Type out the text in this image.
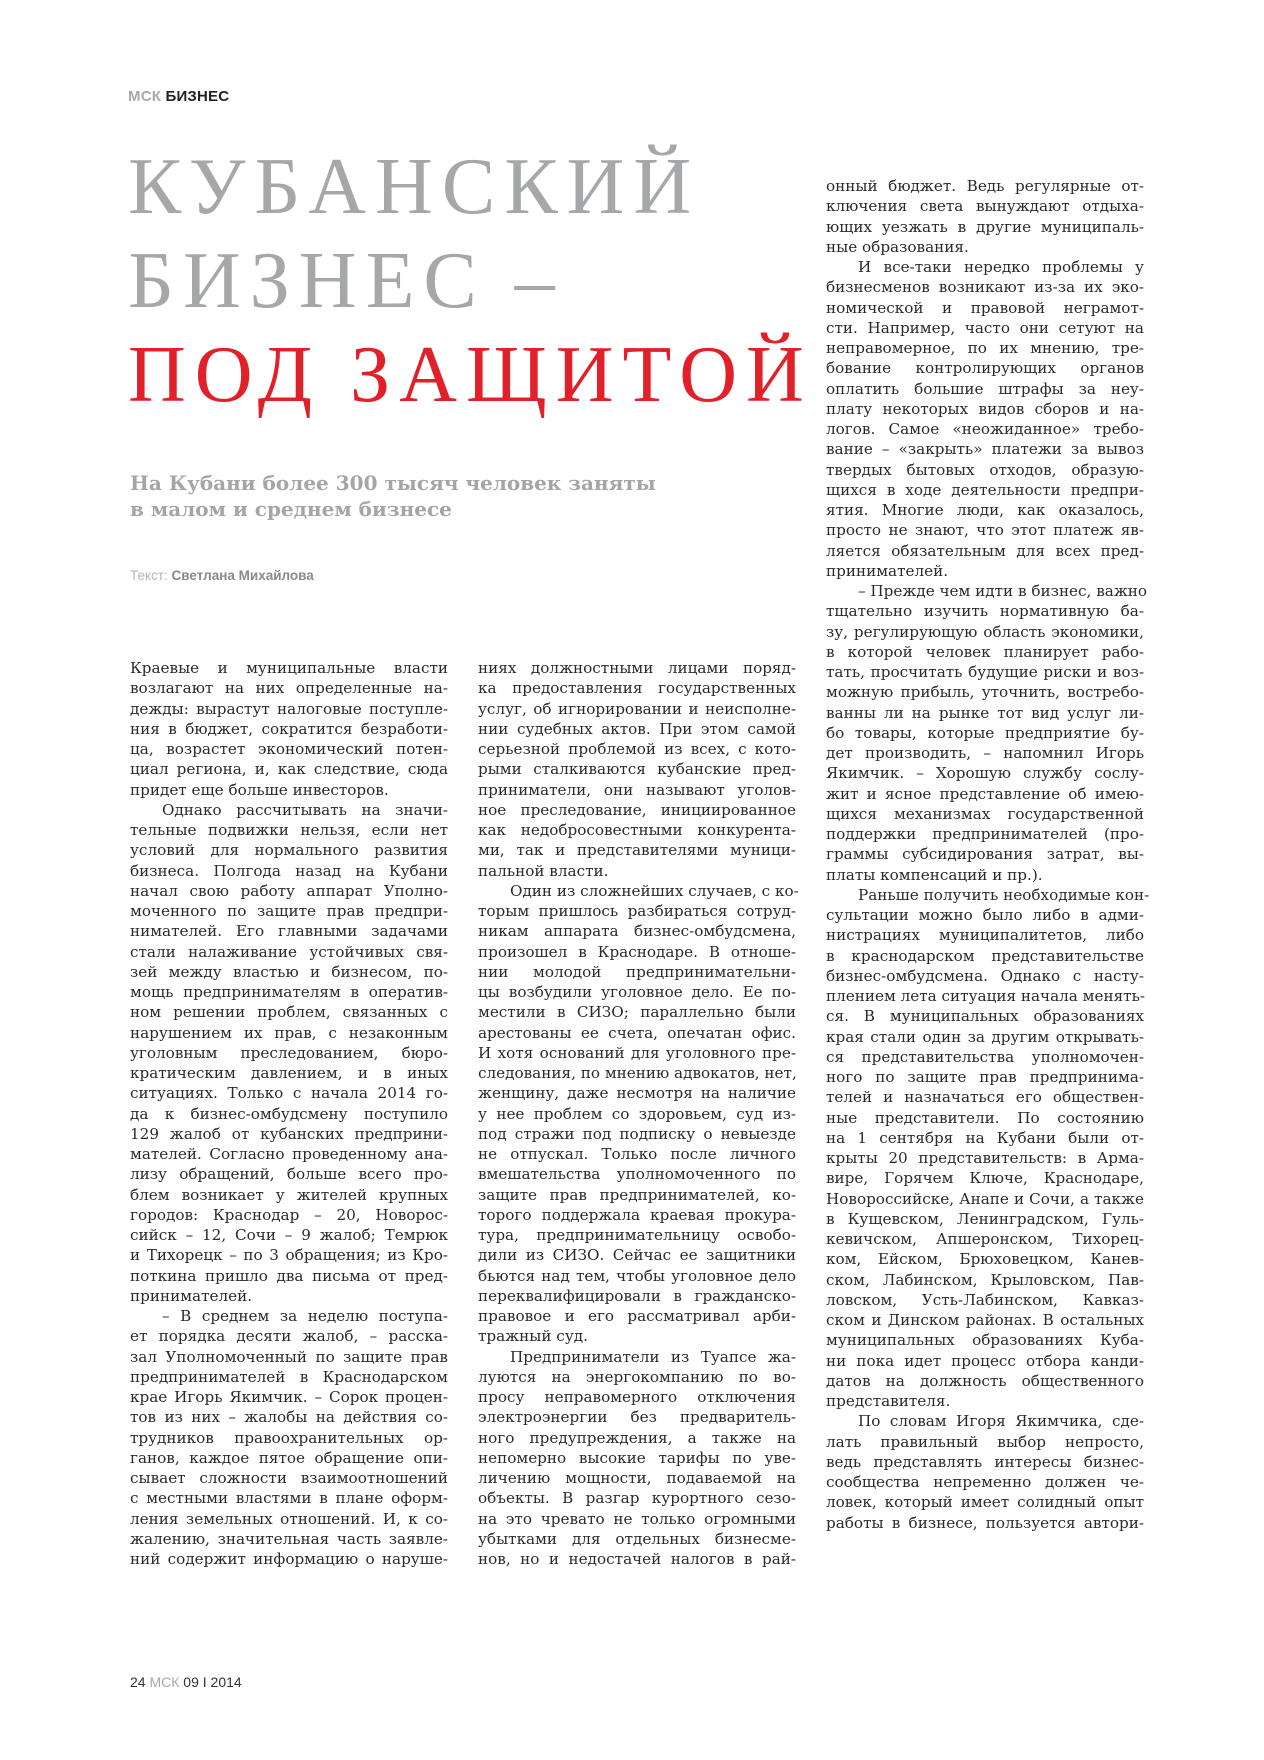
МСК БИЗНЕС
КУБАНСКИЙ
БИЗНЕС –
ПОД ЗАЩИТОЙ
На Кубани более 300 тысяч человек заняты
в малом и среднем бизнесе
Текст: Светлана Михайлова
Краевые и муниципальные власти
возлагают на них определенные на-
дежды: вырастут налоговые поступле-
ния в бюджет, сократится безработи-
ца, возрастет экономический потен-
циал региона, и, как следствие, сюда
придет еще больше инвесторов.
Однако рассчитывать на значи-
тельные подвижки нельзя, если нет
условий для нормального развития
бизнеса. Полгода назад на Кубани
начал свою работу аппарат Уполно-
моченного по защите прав предпри-
нимателей. Его главными задачами
стали налаживание устойчивых свя-
зей между властью и бизнесом, по-
мощь предпринимателям в оператив-
ном решении проблем, связанных с
нарушением их прав, с незаконным
уголовным преследованием, бюро-
кратическим давлением, и в иных
ситуациях. Только с начала 2014 го-
да к бизнес-омбудсмену поступило
129 жалоб от кубанских предприни-
мателей. Согласно проведенному ана-
лизу обращений, больше всего про-
блем возникает у жителей крупных
городов: Краснодар – 20, Новорос-
сийск – 12, Сочи – 9 жалоб; Темрюк
и Тихорецк – по 3 обращения; из Кро-
поткина пришло два письма от пред-
принимателей.
– В среднем за неделю поступа-
ет порядка десяти жалоб, – расска-
зал Уполномоченный по защите прав
предпринимателей в Краснодарском
крае Игорь Якимчик. – Сорок процен-
тов из них – жалобы на действия со-
трудников правоохранительных ор-
ганов, каждое пятое обращение опи-
сывает сложности взаимоотношений
с местными властями в плане оформ-
ления земельных отношений. И, к со-
жалению, значительная часть заявле-
ний содержит информацию о наруше-
ниях должностными лицами поряд-
ка предоставления государственных
услуг, об игнорировании и неисполне-
нии судебных актов. При этом самой
серьезной проблемой из всех, с кото-
рыми сталкиваются кубанские пред-
приниматели, они называют уголов-
ное преследование, инициированное
как недобросовестными конкурента-
ми, так и представителями муници-
пальной власти.
Один из сложнейших случаев, с ко-
торым пришлось разбираться сотруд-
никам аппарата бизнес-омбудсмена,
произошел в Краснодаре. В отноше-
нии молодой предпринимательни-
цы возбудили уголовное дело. Ее по-
местили в СИЗО; параллельно были
арестованы ее счета, опечатан офис.
И хотя оснований для уголовного пре-
следования, по мнению адвокатов, нет,
женщину, даже несмотря на наличие
у нее проблем со здоровьем, суд из-
под стражи под подписку о невыезде
не отпускал. Только после личного
вмешательства уполномоченного по
защите прав предпринимателей, ко-
торого поддержала краевая прокура-
тура, предпринимательницу освобо-
дили из СИЗО. Сейчас ее защитники
бьются над тем, чтобы уголовное дело
переквалифицировали в гражданско-
правовое и его рассматривал арби-
тражный суд.
Предприниматели из Туапсе жа-
луются на энергокомпанию по во-
просу неправомерного отключения
электроэнергии без предваритель-
ного предупреждения, а также на
непомерно высокие тарифы по уве-
личению мощности, подаваемой на
объекты. В разгар курортного сезо-
на это чревато не только огромными
убытками для отдельных бизнесме-
нов, но и недостачей налогов в рай-
онный бюджет. Ведь регулярные от-
ключения света вынуждают отдыха-
ющих уезжать в другие муниципаль-
ные образования.
И все-таки нередко проблемы у
бизнесменов возникают из-за их эко-
номической и правовой неграмот-
сти. Например, часто они сетуют на
неправомерное, по их мнению, тре-
бование контролирующих органов
оплатить большие штрафы за неу-
плату некоторых видов сборов и на-
логов. Самое «неожиданное» требо-
вание – «закрыть» платежи за вывоз
твердых бытовых отходов, образую-
щихся в ходе деятельности предпри-
ятия. Многие люди, как оказалось,
просто не знают, что этот платеж яв-
ляется обязательным для всех пред-
принимателей.
– Прежде чем идти в бизнес, важно
тщательно изучить нормативную ба-
зу, регулирующую область экономики,
в которой человек планирует рабо-
тать, просчитать будущие риски и воз-
можную прибыль, уточнить, востребо-
ванны ли на рынке тот вид услуг ли-
бо товары, которые предприятие бу-
дет производить, – напомнил Игорь
Якимчик. – Хорошую службу сослу-
жит и ясное представление об имею-
щихся механизмах государственной
поддержки предпринимателей (про-
граммы субсидирования затрат, вы-
платы компенсаций и пр.).
Раньше получить необходимые кон-
сультации можно было либо в адми-
нистрациях муниципалитетов, либо
в краснодарском представительстве
бизнес-омбудсмена. Однако с насту-
плением лета ситуация начала менять-
ся. В муниципальных образованиях
края стали один за другим открывать-
ся представительства уполномочен-
ного по защите прав предпринима-
телей и назначаться его обществен-
ные представители. По состоянию
на 1 сентября на Кубани были от-
крыты 20 представительств: в Арма-
вире, Горячем Ключе, Краснодаре,
Новороссийске, Анапе и Сочи, а также
в Кущевском, Ленинградском, Гуль-
кевичском, Апшеронском, Тихорец-
ком, Ейском, Брюховецком, Канев-
ском, Лабинском, Крыловском, Пав-
ловском, Усть-Лабинском, Кавказ-
ском и Динском районах. В остальных
муниципальных образованиях Куба-
ни пока идет процесс отбора канди-
датов на должность общественного
представителя.
По словам Игоря Якимчика, сде-
лать правильный выбор непросто,
ведь представлять интересы бизнес-
сообщества непременно должен че-
ловек, который имеет солидный опыт
работы в бизнесе, пользуется автори-
24 МСК 09 I 2014
